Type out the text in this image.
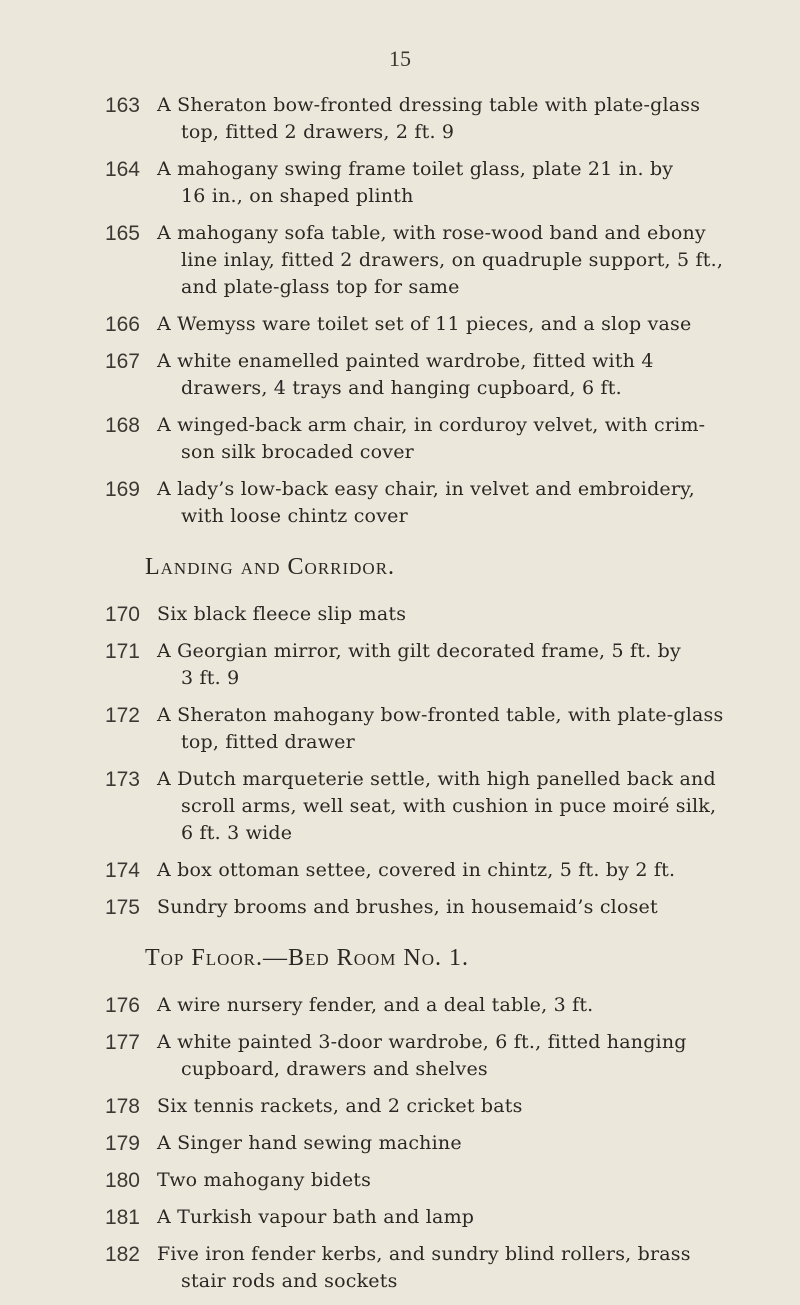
15
163 A Sheraton bow-fronted dressing table with plate-glass
top, fitted 2 drawers, 2 ft. 9
164 A mahogany swing frame toilet glass, plate 21 in. by
16 in., on shaped plinth
165 A mahogany sofa table, with rose-wood band and ebony
line inlay, fitted 2 drawers, on quadruple support, 5 ft.,
and plate-glass top for same
166 A Wemyss ware toilet set of 11 pieces, and a slop vase
167 A white enamelled painted wardrobe, fitted with 4
drawers, 4 trays and hanging cupboard, 6 ft.
168 A winged-back arm chair, in corduroy velvet, with crim-
son silk brocaded cover
169 A lady’s low-back easy chair, in velvet and embroidery,
with loose chintz cover
Landing and Corridor.
170 Six black fleece slip mats
171 A Georgian mirror, with gilt decorated frame, 5 ft. by
3 ft. 9
172 A Sheraton mahogany bow-fronted table, with plate-glass
top, fitted drawer
173 A Dutch marqueterie settle, with high panelled back and
scroll arms, well seat, with cushion in puce moiré silk,
6 ft. 3 wide
174 A box ottoman settee, covered in chintz, 5 ft. by 2 ft.
175 Sundry brooms and brushes, in housemaid’s closet
Top Floor.—Bed Room No. 1.
176 A wire nursery fender, and a deal table, 3 ft.
177 A white painted 3-door wardrobe, 6 ft., fitted hanging
cupboard, drawers and shelves
178 Six tennis rackets, and 2 cricket bats
179 A Singer hand sewing machine
180 Two mahogany bidets
181 A Turkish vapour bath and lamp
182 Five iron fender kerbs, and sundry blind rollers, brass
stair rods and sockets
